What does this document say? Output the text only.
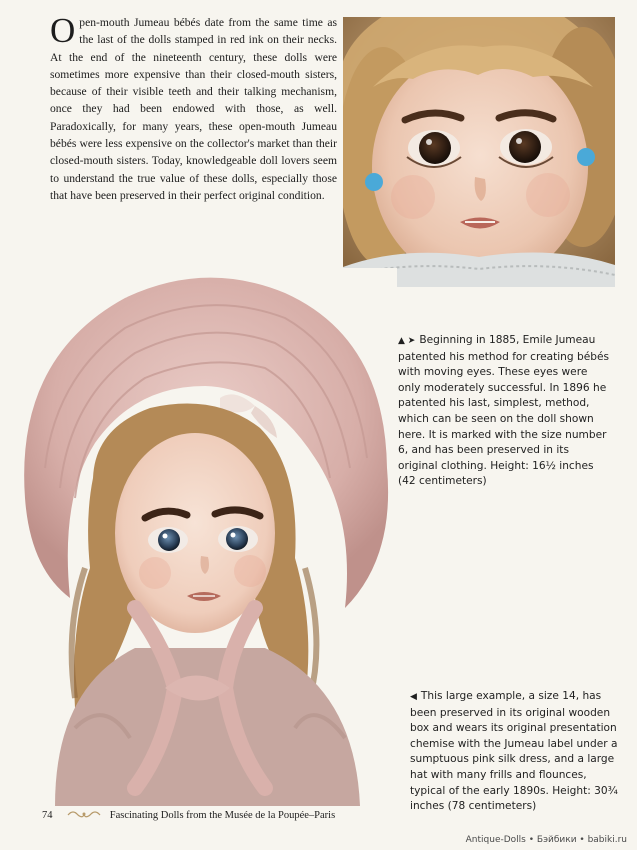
Open-mouth Jumeau bébés date from the same time as the last of the dolls stamped in red ink on their necks. At the end of the nineteenth century, these dolls were sometimes more expensive than their closed-mouth sisters, because of their visible teeth and their talking mechanism, once they had been endowed with those, as well. Paradoxically, for many years, these open-mouth Jumeau bébés were less expensive on the collector's market than their closed-mouth sisters. Today, knowledgeable doll lovers seem to understand the true value of these dolls, especially those that have been preserved in their perfect original condition.
▲ ➤ Beginning in 1885, Emile Jumeau patented his method for creating bébés with moving eyes. These eyes were only moderately successful. In 1896 he patented his last, simplest, method, which can be seen on the doll shown here. It is marked with the size number 6, and has been preserved in its original clothing. Height: 16½ inches (42 centimeters)
◀ This large example, a size 14, has been preserved in its original wooden box and wears its original presentation chemise with the Jumeau label under a sumptuous pink silk dress, and a large hat with many frills and flounces, typical of the early 1890s. Height: 30¾ inches (78 centimeters)
74	Fascinating Dolls from the Musée de la Poupée–Paris
Antique-Dolls • Бэйбики • babiki.ru
